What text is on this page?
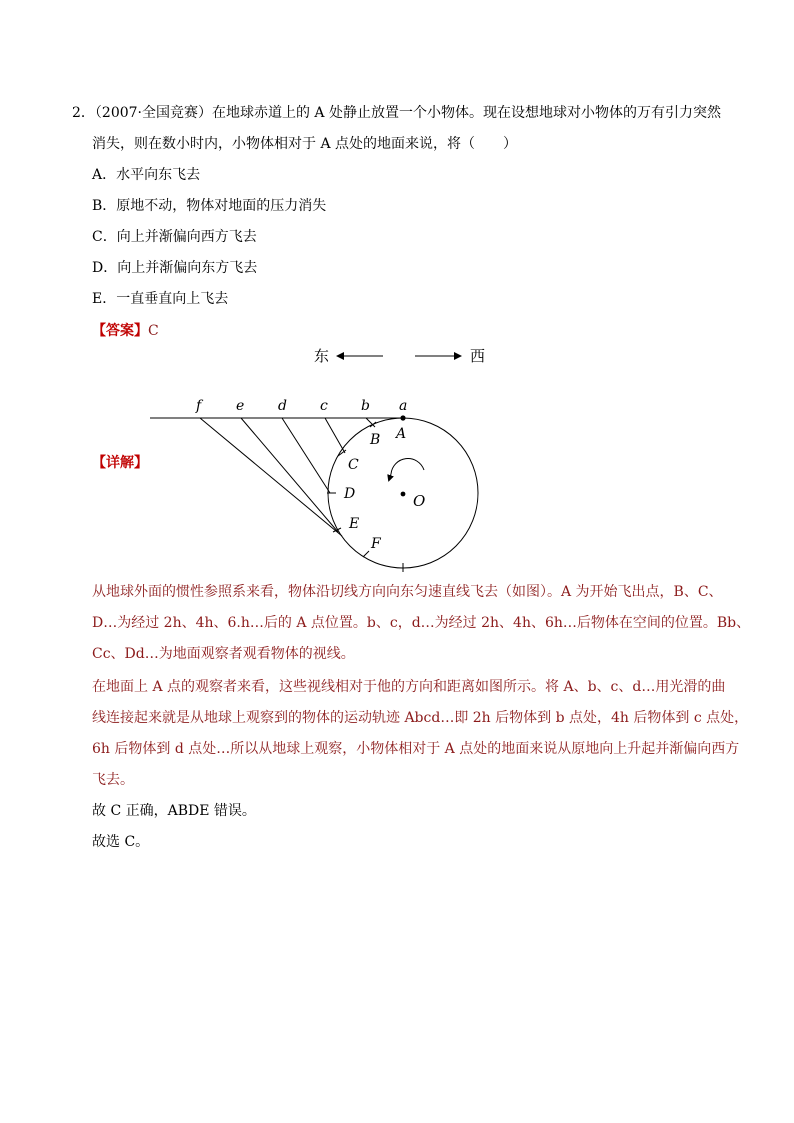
2．（2007·全国竞赛）在地球赤道上的 A 处静止放置一个小物体。现在设想地球对小物体的万有引力突然
消失，则在数小时内，小物体相对于 A 点处的地面来说，将（　　）
A．水平向东飞去
B．原地不动，物体对地面的压力消失
C．向上并渐偏向西方飞去
D．向上并渐偏向东方飞去
E．一直垂直向上飞去
【答案】C
【详解】
东	西
O
f e d c b a
A
B
C
D
E
F
从地球外面的惯性参照系来看，物体沿切线方向向东匀速直线飞去（如图）。A 为开始飞出点，B、C、
D…为经过 2h、4h、6.h…后的 A 点位置。b、c，d…为经过 2h、4h、6h…后物体在空间的位置。Bb、
Cc、Dd…为地面观察者观看物体的视线。
在地面上 A 点的观察者来看，这些视线相对于他的方向和距离如图所示。将 A、b、c、d…用光滑的曲
线连接起来就是从地球上观察到的物体的运动轨迹 Abcd…即 2h 后物体到 b 点处，4h 后物体到 c 点处，
6h 后物体到 d 点处…所以从地球上观察，小物体相对于 A 点处的地面来说从原地向上升起并渐偏向西方
飞去。
故 C 正确，ABDE 错误。
故选 C。
